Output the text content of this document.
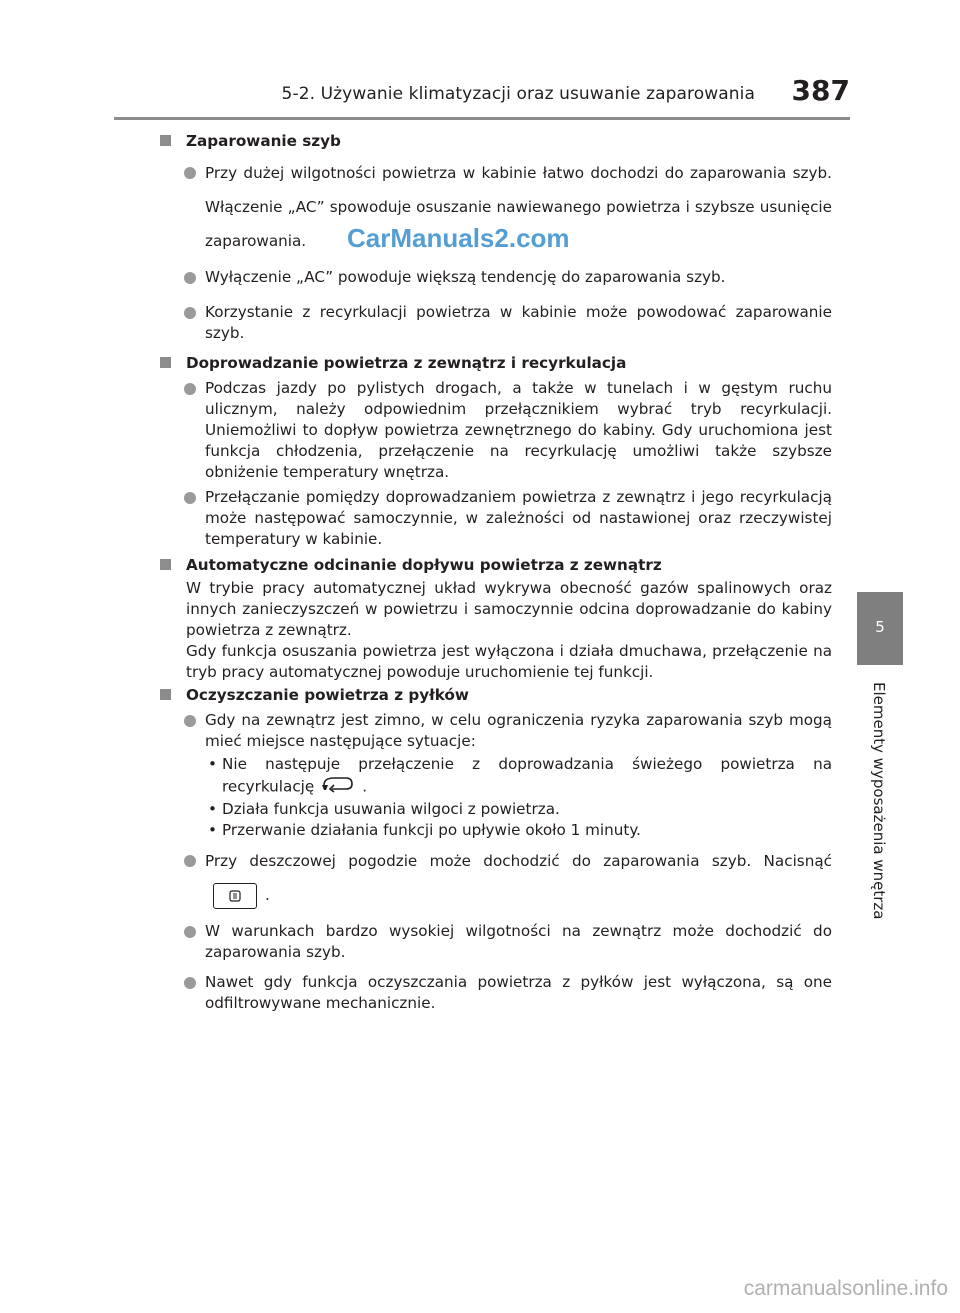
5-2. Używanie klimatyzacji oraz usuwanie zaparowania 387
5
Elementy wyposażenia wnętrza
Zaparowanie szyb
Przy dużej wilgotności powietrza w kabinie łatwo dochodzi do zaparowania szyb. Włączenie „AC” spowoduje osuszanie nawiewanego powietrza i szybsze usunięcie zaparowania.
Wyłączenie „AC” powoduje większą tendencję do zaparowania szyb.
Korzystanie z recyrkulacji powietrza w kabinie może powodować zaparowanie szyb.
Doprowadzanie powietrza z zewnątrz i recyrkulacja
Podczas jazdy po pylistych drogach, a także w tunelach i w gęstym ruchu ulicznym, należy odpowiednim przełącznikiem wybrać tryb recyrkulacji. Uniemożliwi to dopływ powietrza zewnętrznego do kabiny. Gdy uruchomiona jest funkcja chłodzenia, przełączenie na recyrkulację umożliwi także szybsze obniżenie temperatury wnętrza.
Przełączanie pomiędzy doprowadzaniem powietrza z zewnątrz i jego recyrkulacją może następować samoczynnie, w zależności od nastawionej oraz rzeczywistej temperatury w kabinie.
Automatyczne odcinanie dopływu powietrza z zewnątrz
W trybie pracy automatycznej układ wykrywa obecność gazów spalinowych oraz innych zanieczyszczeń w powietrzu i samoczynnie odcina doprowadzanie do kabiny powietrza z zewnątrz.
Gdy funkcja osuszania powietrza jest wyłączona i działa dmuchawa, przełączenie na tryb pracy automatycznej powoduje uruchomienie tej funkcji.
Oczyszczanie powietrza z pyłków
Gdy na zewnątrz jest zimno, w celu ograniczenia ryzyka zaparowania szyb mogą mieć miejsce następujące sytuacje:
• Nie następuje przełączenie z doprowadzania świeżego powietrza na recyrkulację	.
• Działa funkcja usuwania wilgoci z powietrza.
• Przerwanie działania funkcji po upływie około 1 minuty.
Przy deszczowej pogodzie może dochodzić do zaparowania szyb. Nacisnąć
.
W warunkach bardzo wysokiej wilgotności na zewnątrz może dochodzić do zaparowania szyb.
Nawet gdy funkcja oczyszczania powietrza z pyłków jest wyłączona, są one odfiltrowywane mechanicznie.
CarManuals2.com
carmanualsonline.info
